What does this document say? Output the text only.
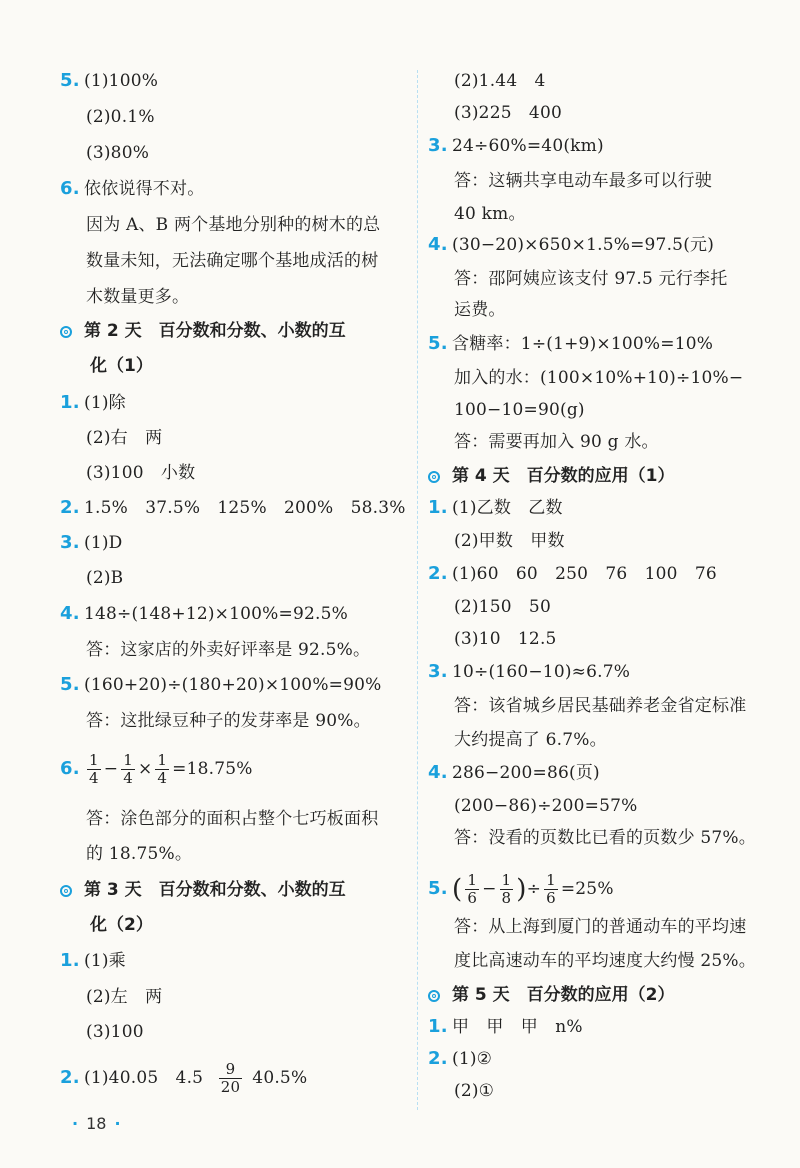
5. (1)100%
(2)0.1%
(3)80%
6. 依依说得不对。
因为 A、B 两个基地分别种的树木的总
数量未知，无法确定哪个基地成活的树
木数量更多。
第 2 天　百分数和分数、小数的互
化（1）
1. (1)除
(2)右　两
(3)100　小数
2. 1.5%　37.5%　125%　200%　58.3%
3. (1)D
(2)B
4. 148÷(148+12)×100%=92.5%
答：这家店的外卖好评率是 92.5%。
5. (160+20)÷(180+20)×100%=90%
答：这批绿豆种子的发芽率是 90%。
6. $\frac{1}{4} - \frac{1}{4} \times \frac{1}{4} =18.75\%$
答：涂色部分的面积占整个七巧板面积
的 18.75%。
第 3 天　百分数和分数、小数的互
化（2）
1. (1)乘
(2)左　两
(3)100
2. (1)40.05　$4.5 \frac{9}{20} 40.5\%$
(2)1.44　4
(3)225　400
3. 24÷60%=40(km)
答：这辆共享电动车最多可以行驶
40 km。
4. (30−20)×650×1.5%=97.5(元)
答：邵阿姨应该支付 97.5 元行李托
运费。
5. 含糖率：1÷(1+9)×100%=10%
加入的水：(100×10%+10)÷10%−
100−10=90(g)
答：需要再加入 90 g 水。
第 4 天　百分数的应用（1）
1. (1)乙数　乙数
(2)甲数　甲数
2. (1)60　60　250　76　100　76
(2)150　50
(3)10　12.5
3. 10÷(160−10)≈6.7%
答：该省城乡居民基础养老金省定标准
大约提高了 6.7%。
4. 286−200=86(页)
(200−86)÷200=57%
答：没看的页数比已看的页数少 57%。
5. ( $\frac{1}{6} - \frac{1}{8}$ )÷ $\frac{1}{6} =25\%$
答：从上海到厦门的普通动车的平均速
度比高速动车的平均速度大约慢 25%。
第 5 天　百分数的应用（2）
1. 甲　甲　甲　n%
2. (1)②
(2)①
· 18 ·
